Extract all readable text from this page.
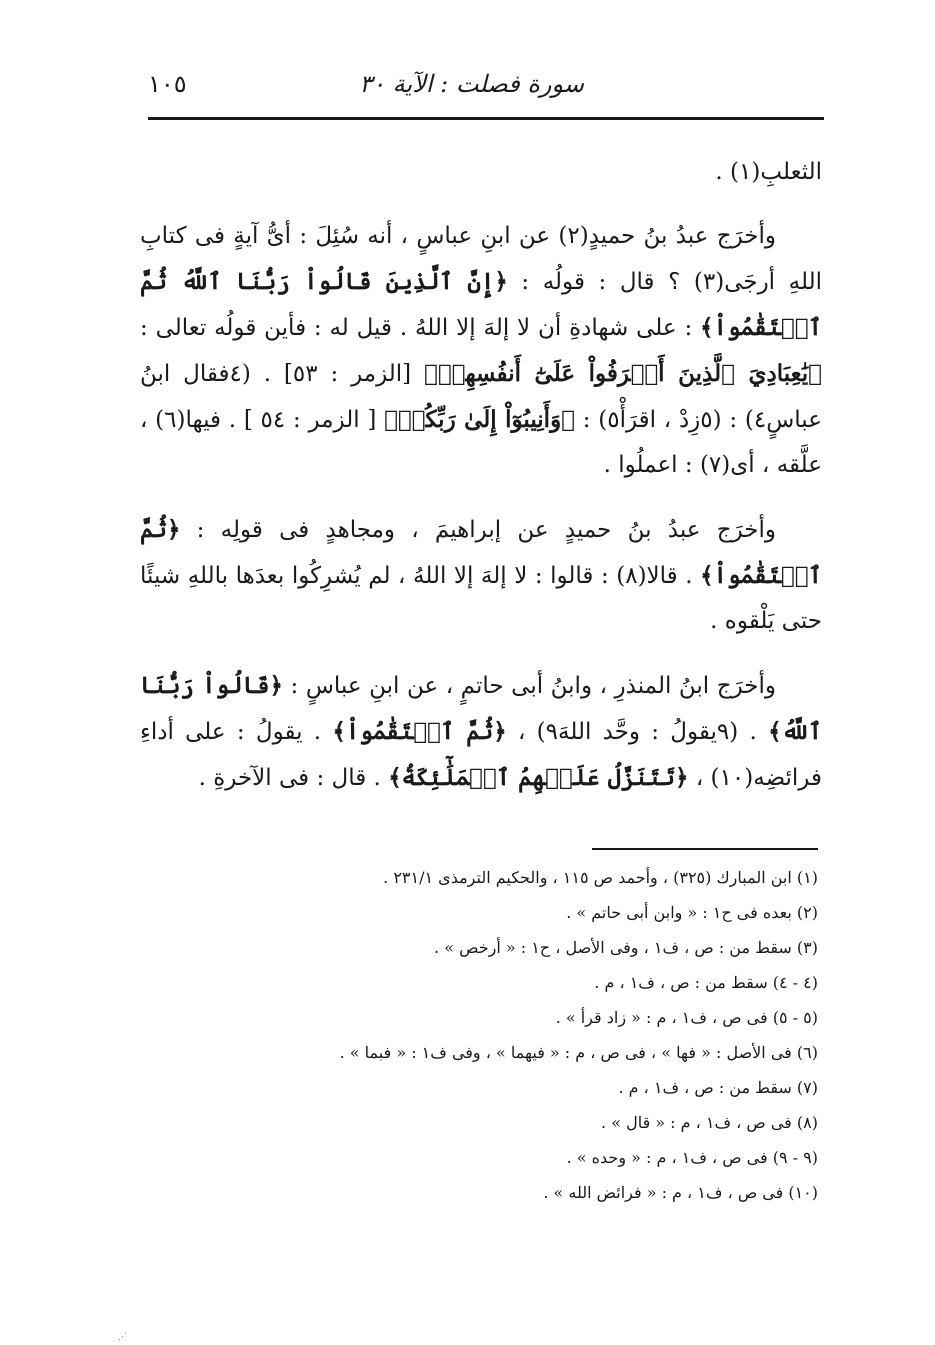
سورة فصلت : الآية ٣٠
١٠٥

الثعلبِ(١) .

وأخرَج عبدُ بنُ حميدٍ(٢) عن ابنِ عباسٍ ، أنه سُئِلَ : أىُّ آيةٍ فى كتابِ اللهِ أرجَى(٣) ؟ قال : قولُه : ﴿إِنَّ ٱلَّذِينَ قَالُواْ رَبُّنَا ٱللَّهُ ثُمَّ ٱسۡتَقَٰمُواْ﴾ : على شهادةِ أن لا إلهَ إلا اللهُ . قيل له : فأين قولُه تعالى : ﴿يَٰعِبَادِيَ ٱلَّذِينَ أَسۡرَفُواْ عَلَىٰٓ أَنفُسِهِمۡ﴾ [الزمر : ٥٣] . (٤فقال ابنُ عباسٍ٤) : (٥زِدْ ، اقرَأْ٥) : ﴿وَأَنِيبُوٓاْ إِلَىٰ رَبِّكُمۡ﴾ [ الزمر : ٥٤ ] . فيها(٦) ، علَّقه ، أى(٧) : اعملُوا .

وأخرَج عبدُ بنُ حميدٍ عن إبراهيمَ ، ومجاهدٍ فى قولِه : ﴿ثُمَّ ٱسۡتَقَٰمُواْ﴾ . قالا(٨) : قالوا : لا إلهَ إلا اللهُ ، لم يُشرِكُوا بعدَها باللهِ شيئًا حتى يَلْقوه .

وأخرَج ابنُ المنذرِ ، وابنُ أبى حاتمٍ ، عن ابنِ عباسٍ : ﴿قَالُواْ رَبُّنَا ٱللَّهُ﴾ . (٩يقولُ : وحَّد اللهَ٩) ، ﴿ثُمَّ ٱسۡتَقَٰمُواْ﴾ . يقولُ : على أداءِ فرائضِه(١٠) ، ﴿تَتَنَزَّلُ عَلَيۡهِمُ ٱلۡمَلَٰٓئِكَةُ﴾ . قال : فى الآخرةِ .

(١) ابن المبارك (٣٢٥) ، وأحمد ص ١١٥ ، والحكيم الترمذى ٢٣١/١ .
(٢) بعده فى ح١ : « وابن أبى حاتم » .
(٣) سقط من : ص ، ف١ ، وفى الأصل ، ح١ : « أرخص » .
(٤ - ٤) سقط من : ص ، ف١ ، م .
(٥ - ٥) فى ص ، ف١ ، م : « زاد قرأ » .
(٦) فى الأصل : « فها » ، فى ص ، م : « فيهما » ، وفى ف١ : « فبما » .
(٧) سقط من : ص ، ف١ ، م .
(٨) فى ص ، ف١ ، م : « قال » .
(٩ - ٩) فى ص ، ف١ ، م : « وحده » .
(١٠) فى ص ، ف١ ، م : « فرائض الله » .
⋰
